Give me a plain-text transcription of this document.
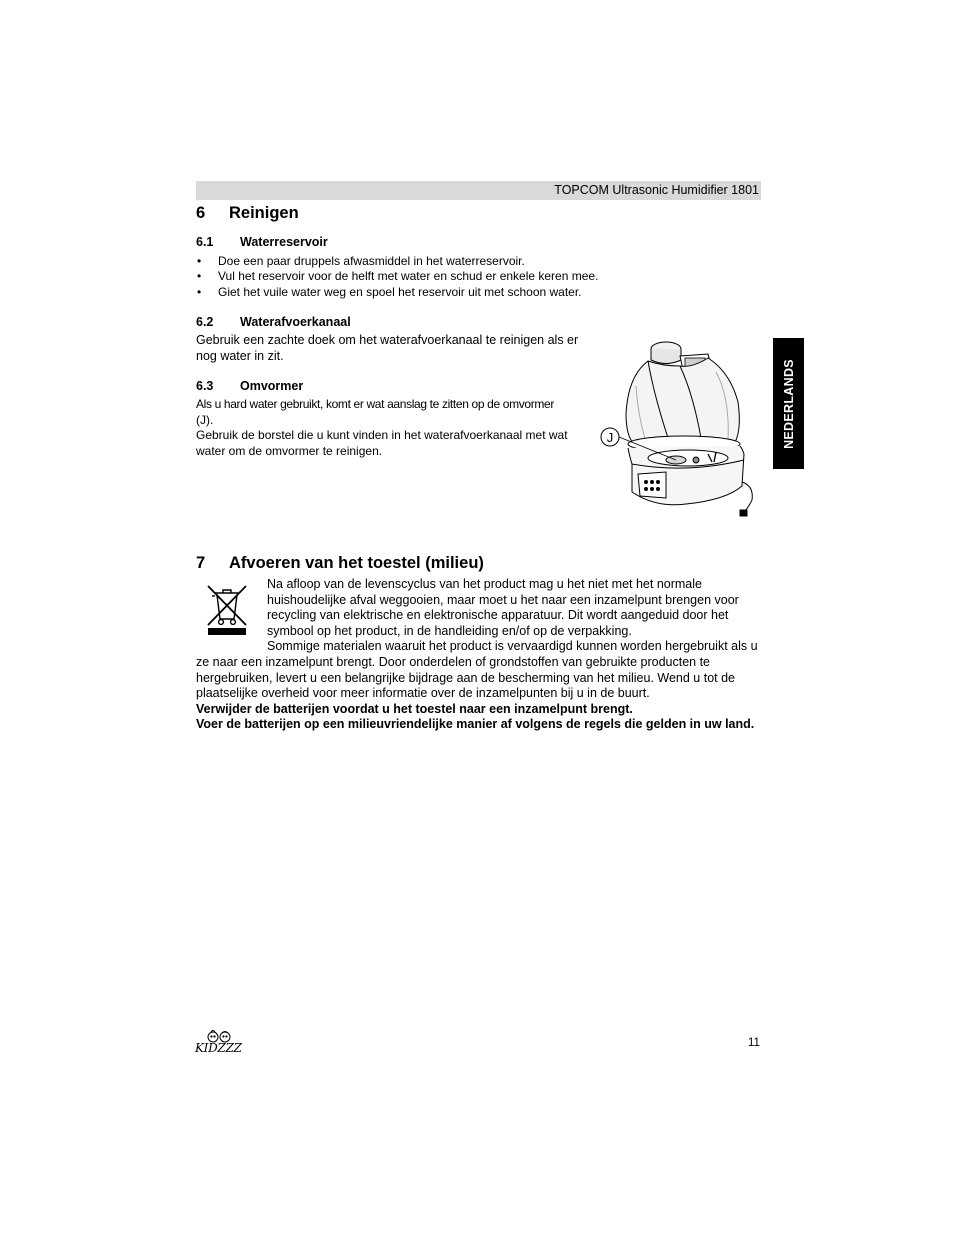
TOPCOM Ultrasonic Humidifier 1801
NEDERLANDS
6 Reinigen
6.1 Waterreservoir
• Doe een paar druppels afwasmiddel in het waterreservoir.
• Vul het reservoir voor de helft met water en schud er enkele keren mee.
• Giet het vuile water weg en spoel het reservoir uit met schoon water.
6.2 Waterafvoerkanaal
Gebruik een zachte doek om het waterafvoerkanaal te reinigen als er
nog water in zit.
6.3 Omvormer
Als u hard water gebruikt, komt er wat aanslag te zitten op de omvormer
(J).
Gebruik de borstel die u kunt vinden in het waterafvoerkanaal met wat
water om de omvormer te reinigen.
J
7 Afvoeren van het toestel (milieu)
Na afloop van de levenscyclus van het product mag u het niet met het normale
huishoudelijke afval weggooien, maar moet u het naar een inzamelpunt brengen voor
recycling van elektrische en elektronische apparatuur. Dit wordt aangeduid door het
symbool op het product, in de handleiding en/of op de verpakking.
Sommige materialen waaruit het product is vervaardigd kunnen worden hergebruikt als u
ze naar een inzamelpunt brengt. Door onderdelen of grondstoffen van gebruikte producten te
hergebruiken, levert u een belangrijke bijdrage aan de bescherming van het milieu. Wend u tot de
plaatselijke overheid voor meer informatie over de inzamelpunten bij u in de buurt.
Verwijder de batterijen voordat u het toestel naar een inzamelpunt brengt.
Voer de batterijen op een milieuvriendelijke manier af volgens de regels die gelden in uw land.
KIDZZZ	11
